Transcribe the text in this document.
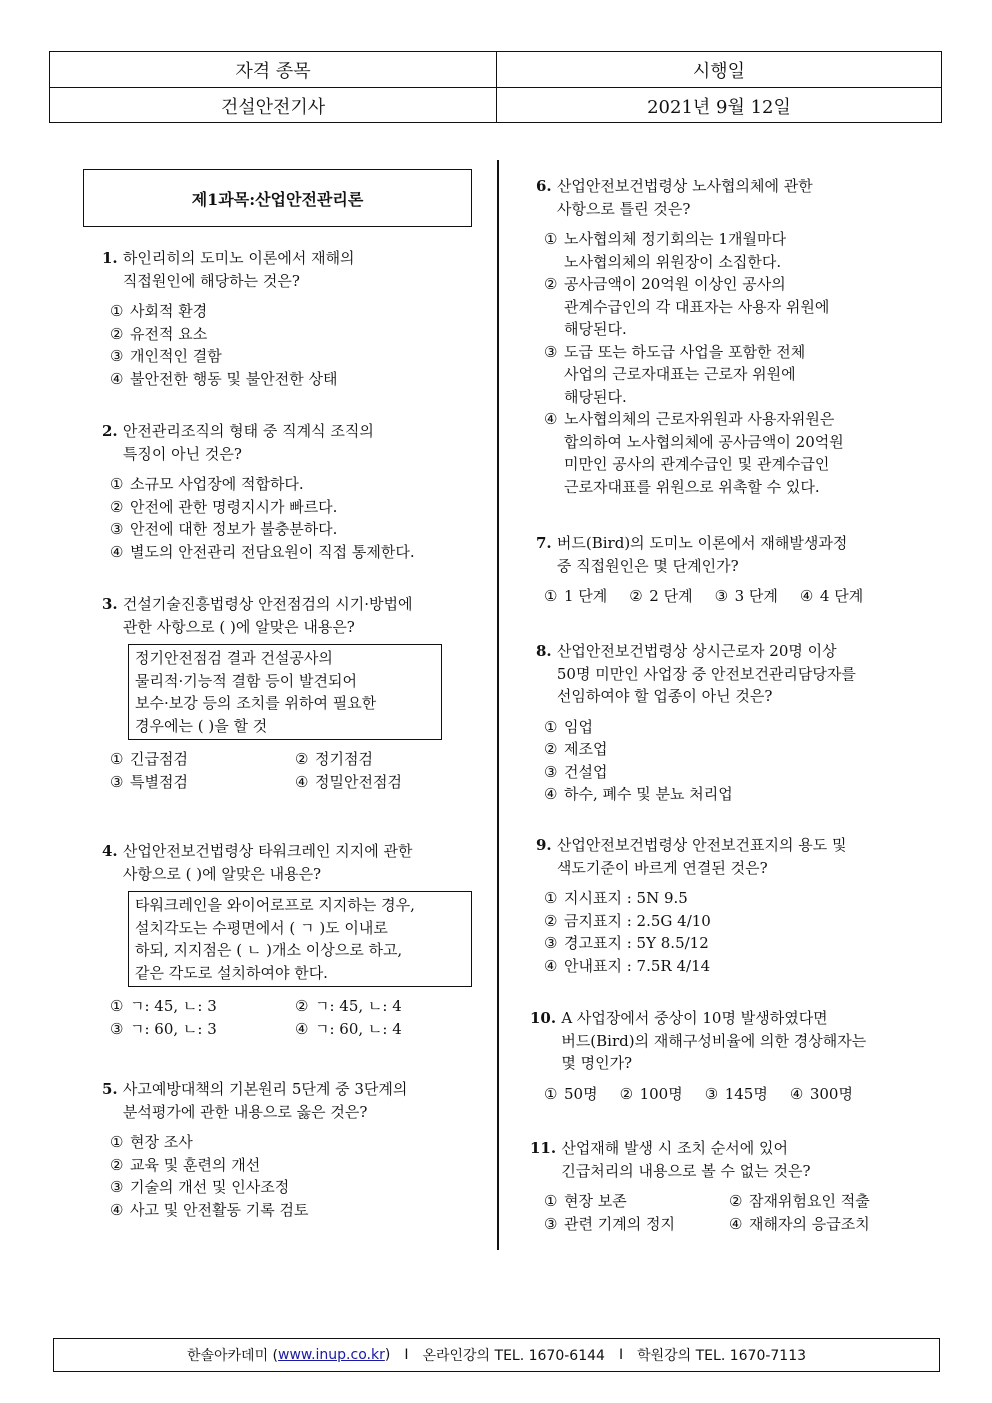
자격 종목	시행일
건설안전기사	2021년 9월 12일
제1과목:산업안전관리론
1. 하인리히의 도미노 이론에서 재해의
직접원인에 해당하는 것은?
① 사회적 환경
② 유전적 요소
③ 개인적인 결함
④ 불안전한 행동 및 불안전한 상태
2. 안전관리조직의 형태 중 직계식 조직의
특징이 아닌 것은?
① 소규모 사업장에 적합하다.
② 안전에 관한 명령지시가 빠르다.
③ 안전에 대한 정보가 불충분하다.
④ 별도의 안전관리 전담요원이 직접 통제한다.
3. 건설기술진흥법령상 안전점검의 시기·방법에
관한 사항으로 ( )에 알맞은 내용은?
정기안전점검 결과 건설공사의
물리적·기능적 결함 등이 발견되어
보수·보강 등의 조치를 위하여 필요한
경우에는 ( )을 할 것
① 긴급점검	② 정기점검
③ 특별점검	④ 정밀안전점검
4. 산업안전보건법령상 타워크레인 지지에 관한
사항으로 ( )에 알맞은 내용은?
타워크레인을 와이어로프로 지지하는 경우,
설치각도는 수평면에서 ( ㄱ )도 이내로
하되, 지지점은 ( ㄴ )개소 이상으로 하고,
같은 각도로 설치하여야 한다.
① ㄱ: 45, ㄴ: 3	② ㄱ: 45, ㄴ: 4
③ ㄱ: 60, ㄴ: 3	④ ㄱ: 60, ㄴ: 4
5. 사고예방대책의 기본원리 5단계 중 3단계의
분석평가에 관한 내용으로 옳은 것은?
① 현장 조사
② 교육 및 훈련의 개선
③ 기술의 개선 및 인사조정
④ 사고 및 안전활동 기록 검토
6. 산업안전보건법령상 노사협의체에 관한
사항으로 틀린 것은?
① 노사협의체 정기회의는 1개월마다
노사협의체의 위원장이 소집한다.
② 공사금액이 20억원 이상인 공사의
관계수급인의 각 대표자는 사용자 위원에
해당된다.
③ 도급 또는 하도급 사업을 포함한 전체
사업의 근로자대표는 근로자 위원에
해당된다.
④ 노사협의체의 근로자위원과 사용자위원은
합의하여 노사협의체에 공사금액이 20억원
미만인 공사의 관계수급인 및 관계수급인
근로자대표를 위원으로 위촉할 수 있다.
7. 버드(Bird)의 도미노 이론에서 재해발생과정
중 직접원인은 몇 단계인가?
① 1 단계 ② 2 단계 ③ 3 단계 ④ 4 단계
8. 산업안전보건법령상 상시근로자 20명 이상
50명 미만인 사업장 중 안전보건관리담당자를
선임하여야 할 업종이 아닌 것은?
① 임업
② 제조업
③ 건설업
④ 하수, 폐수 및 분뇨 처리업
9. 산업안전보건법령상 안전보건표지의 용도 및
색도기준이 바르게 연결된 것은?
① 지시표지 : 5N 9.5
② 금지표지 : 2.5G 4/10
③ 경고표지 : 5Y 8.5/12
④ 안내표지 : 7.5R 4/14
10. A 사업장에서 중상이 10명 발생하였다면
버드(Bird)의 재해구성비율에 의한 경상해자는
몇 명인가?
① 50명 ② 100명 ③ 145명 ④ 300명
11. 산업재해 발생 시 조치 순서에 있어
긴급처리의 내용으로 볼 수 없는 것은?
① 현장 보존	② 잠재위험요인 적출
③ 관련 기계의 정지	④ 재해자의 응급조치
한솔아카데미 ( www.inup.co.kr ) I 온라인강의 TEL. 1670-6144 I 학원강의 TEL. 1670-7113
